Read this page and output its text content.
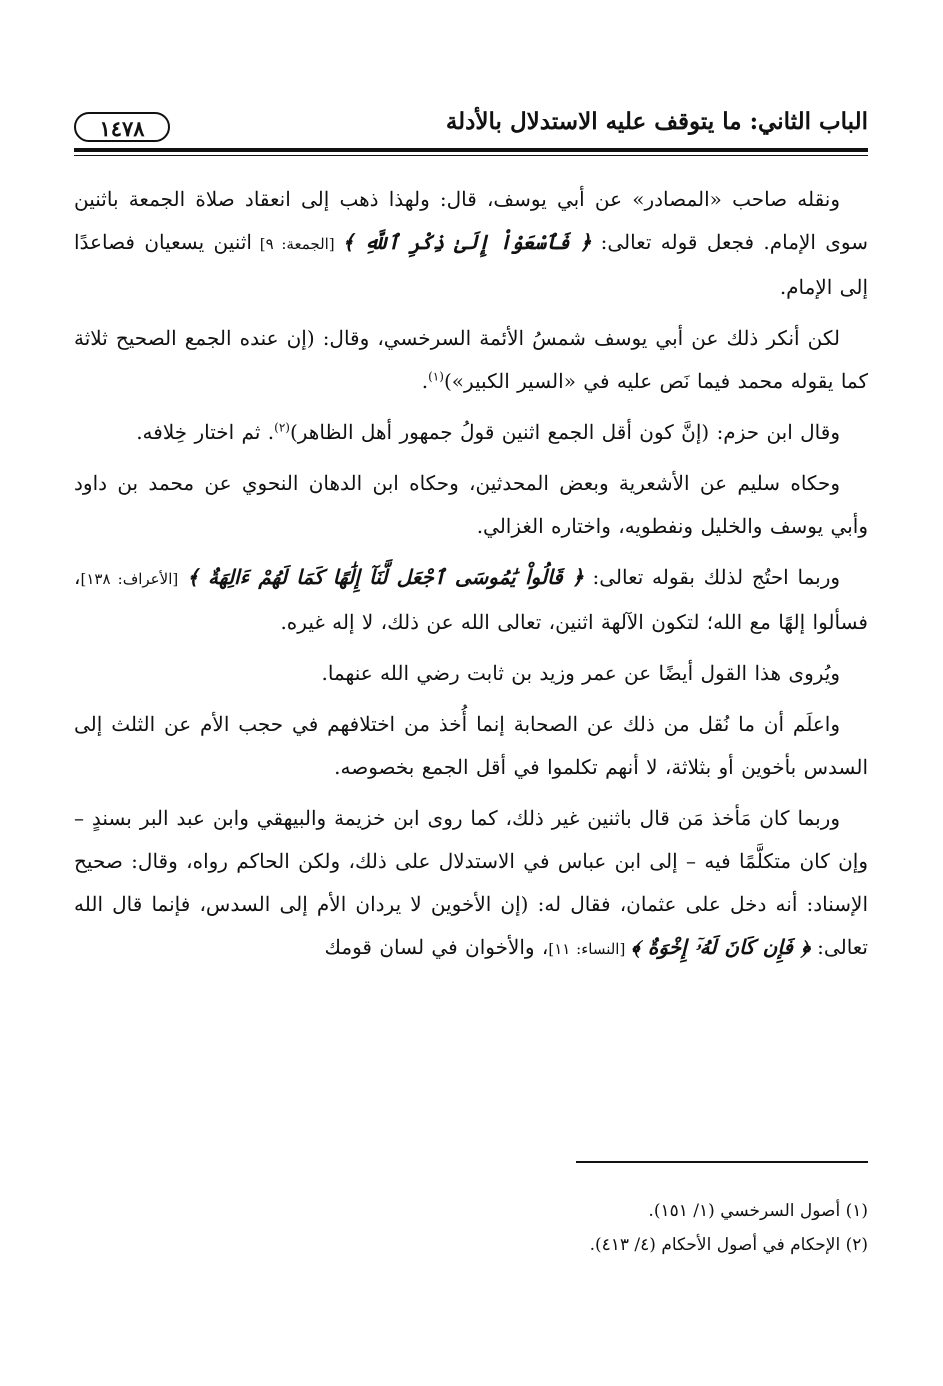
الباب الثاني: ما يتوقف عليه الاستدلال بالأدلة
١٤٧٨

ونقله صاحب «المصادر» عن أبي يوسف، قال: ولهذا ذهب إلى انعقاد صلاة الجمعة باثنين سوى الإمام. فجعل قوله تعالى: ﴿ فَٱسْعَوْاْ إِلَىٰ ذِكْرِ ٱللَّهِ ﴾ [الجمعة: ٩] اثنين يسعيان فصاعدًا إلى الإمام.

لكن أنكر ذلك عن أبي يوسف شمسُ الأئمة السرخسي، وقال: (إن عنده الجمع الصحيح ثلاثة كما يقوله محمد فيما نَص عليه في «السير الكبير»)$^{(١)}$.

وقال ابن حزم: (إنَّ كون أقل الجمع اثنين قولُ جمهور أهل الظاهر)$^{(٢)}$. ثم اختار خِلافه.

وحكاه سليم عن الأشعرية وبعض المحدثين، وحكاه ابن الدهان النحوي عن محمد بن داود وأبي يوسف والخليل ونفطويه، واختاره الغزالي.

وربما احتُج لذلك بقوله تعالى: ﴿ قَالُواْ يَٰمُوسَى ٱجْعَل لَّنَآ إِلَٰهًا كَمَا لَهُمْ ءَالِهَةٌ ﴾ [الأعراف: ١٣٨]، فسألوا إلهًا مع الله؛ لتكون الآلهة اثنين، تعالى الله عن ذلك، لا إله غيره.

ويُروى هذا القول أيضًا عن عمر وزيد بن ثابت رضي الله عنهما.

واعلَم أن ما نُقل من ذلك عن الصحابة إنما أُخذ من اختلافهم في حجب الأم عن الثلث إلى السدس بأخوين أو بثلاثة، لا أنهم تكلموا في أقل الجمع بخصوصه.

وربما كان مَأخذ مَن قال باثنين غير ذلك، كما روى ابن خزيمة والبيهقي وابن عبد البر بسندٍ – وإن كان متكلَّمًا فيه – إلى ابن عباس في الاستدلال على ذلك، ولكن الحاكم رواه، وقال: صحيح الإسناد: أنه دخل على عثمان، فقال له: (إن الأخوين لا يردان الأم إلى السدس، فإنما قال الله تعالى: ﴿ فَإِن كَانَ لَهُۥٓ إِخْوَةٌ ﴾ [النساء: ١١]، والأخوان في لسان قومك

(١) أصول السرخسي (١/ ١٥١).

(٢) الإحكام في أصول الأحكام (٤/ ٤١٣).
